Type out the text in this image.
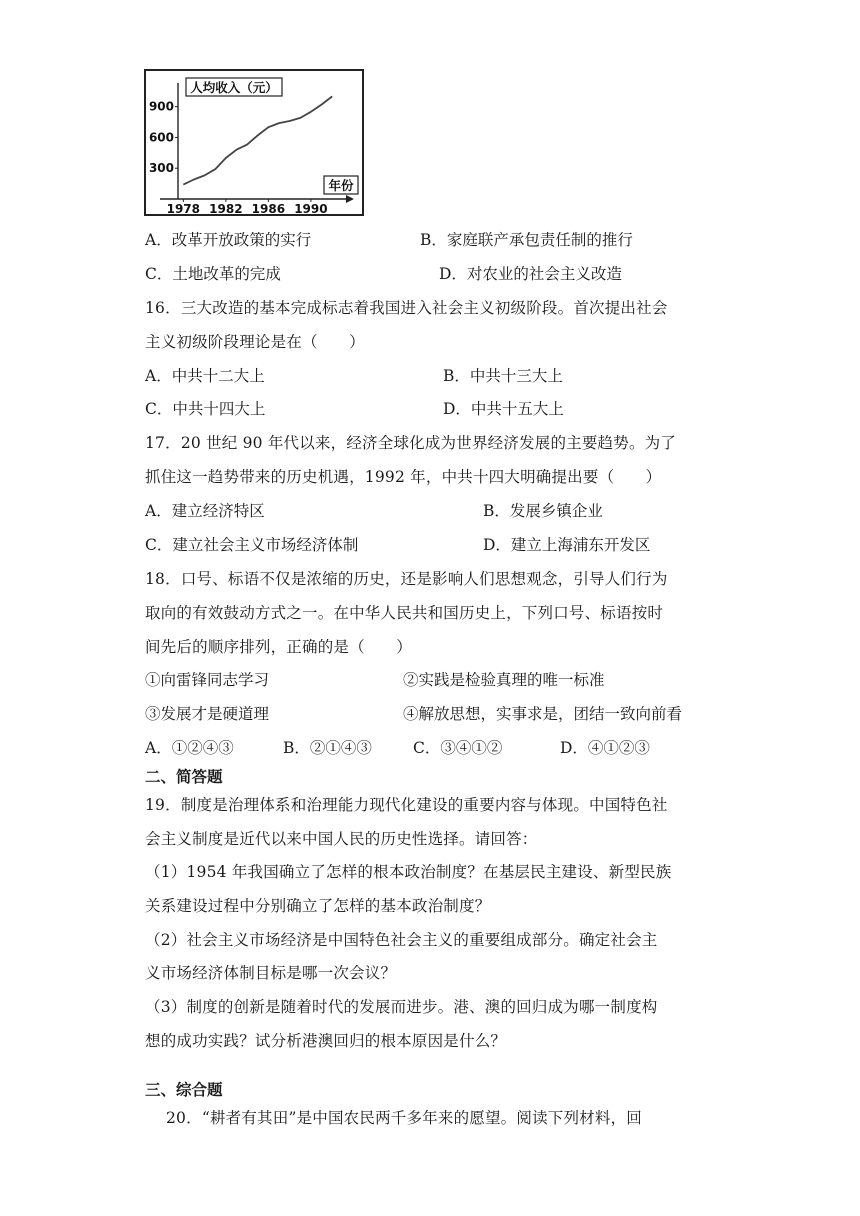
人均收入（元）
年份
300
600
900
1978 1982 1986 1990
A．改革开放政策的实行	B．家庭联产承包责任制的推行
C．土地改革的完成	D．对农业的社会主义改造
16．三大改造的基本完成标志着我国进入社会主义初级阶段。首次提出社会
主义初级阶段理论是在（　　）
A．中共十二大上	B．中共十三大上
C．中共十四大上	D．中共十五大上
17．20 世纪 90 年代以来，经济全球化成为世界经济发展的主要趋势。为了
抓住这一趋势带来的历史机遇，1992 年，中共十四大明确提出要（　　）
A．建立经济特区	B．发展乡镇企业
C．建立社会主义市场经济体制	D．建立上海浦东开发区
18．口号、标语不仅是浓缩的历史，还是影响人们思想观念，引导人们行为
取向的有效鼓动方式之一。在中华人民共和国历史上，下列口号、标语按时
间先后的顺序排列，正确的是（　　）
①向雷锋同志学习	②实践是检验真理的唯一标准
③发展才是硬道理	④解放思想，实事求是，团结一致向前看
A．①②④③	B．②①④③	C．③④①②	D．④①②③
二、简答题
19．制度是治理体系和治理能力现代化建设的重要内容与体现。中国特色社
会主义制度是近代以来中国人民的历史性选择。请回答：
（1）1954 年我国确立了怎样的根本政治制度？在基层民主建设、新型民族
关系建设过程中分别确立了怎样的基本政治制度？
（2）社会主义市场经济是中国特色社会主义的重要组成部分。确定社会主
义市场经济体制目标是哪一次会议？
（3）制度的创新是随着时代的发展而进步。港、澳的回归成为哪一制度构
想的成功实践？试分析港澳回归的根本原因是什么？
三、综合题
20．“耕者有其田”是中国农民两千多年来的愿望。阅读下列材料，回
